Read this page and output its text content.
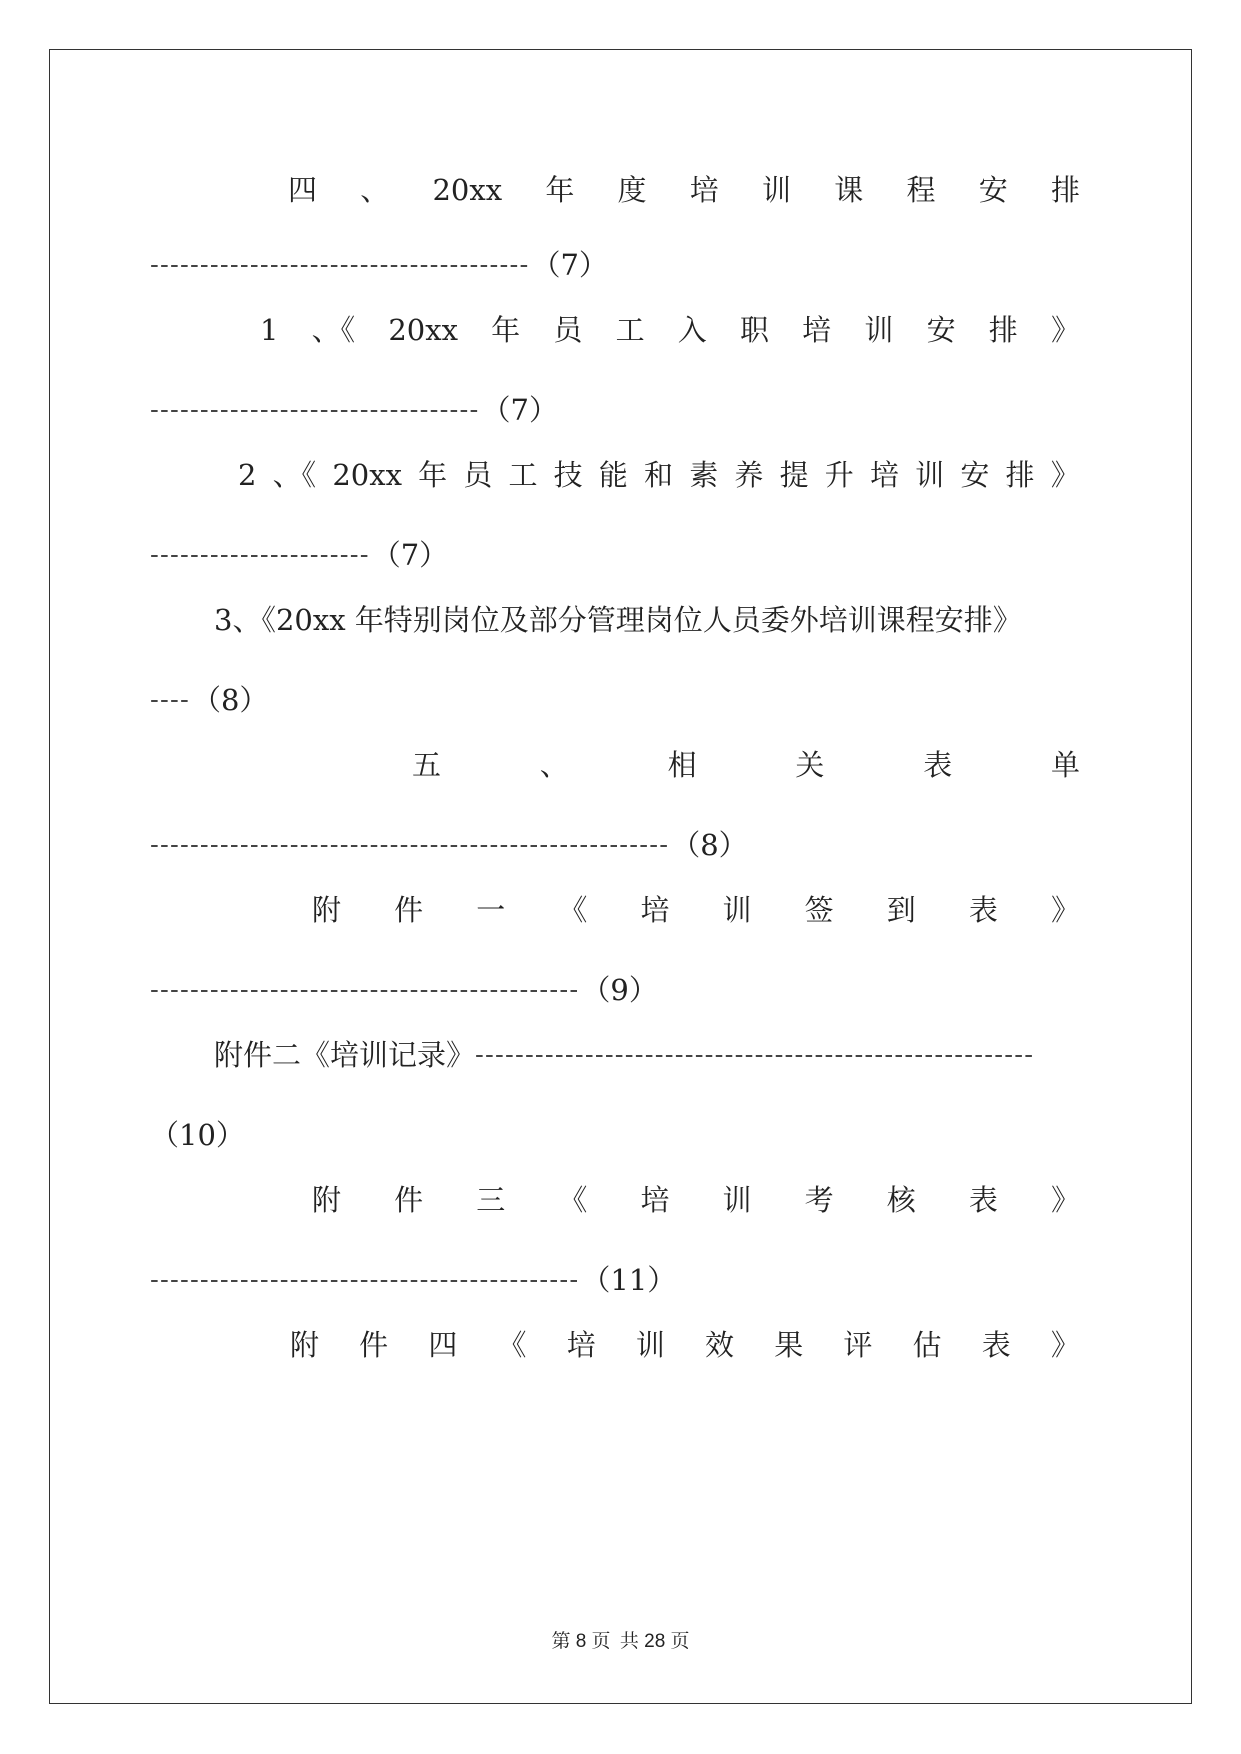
四 、 20xx 年 度 培 训 课 程 安 排
-------------------------------------- （7）
1 、《 20xx 年 员 工 入 职 培 训 安 排 》
--------------------------------- （7）
2 、《 20xx 年 员 工 技 能 和 素 养 提 升 培 训 安 排 》
---------------------- （7）
3、《20xx 年特别岗位及部分管理岗位人员委外培训课程安排》
---- （8）
五	、	相	关	表	单
---------------------------------------------------- （8）
附 件 一 《 培 训 签 到 表 》
------------------------------------------- （9）
附件二《培训记录》 --------------------------------------------------------
（10）
附 件 三 《 培 训 考 核 表 》
------------------------------------------- （11）
附 件 四 《 培 训 效 果 评 估 表 》
第 8 页 共 28 页
